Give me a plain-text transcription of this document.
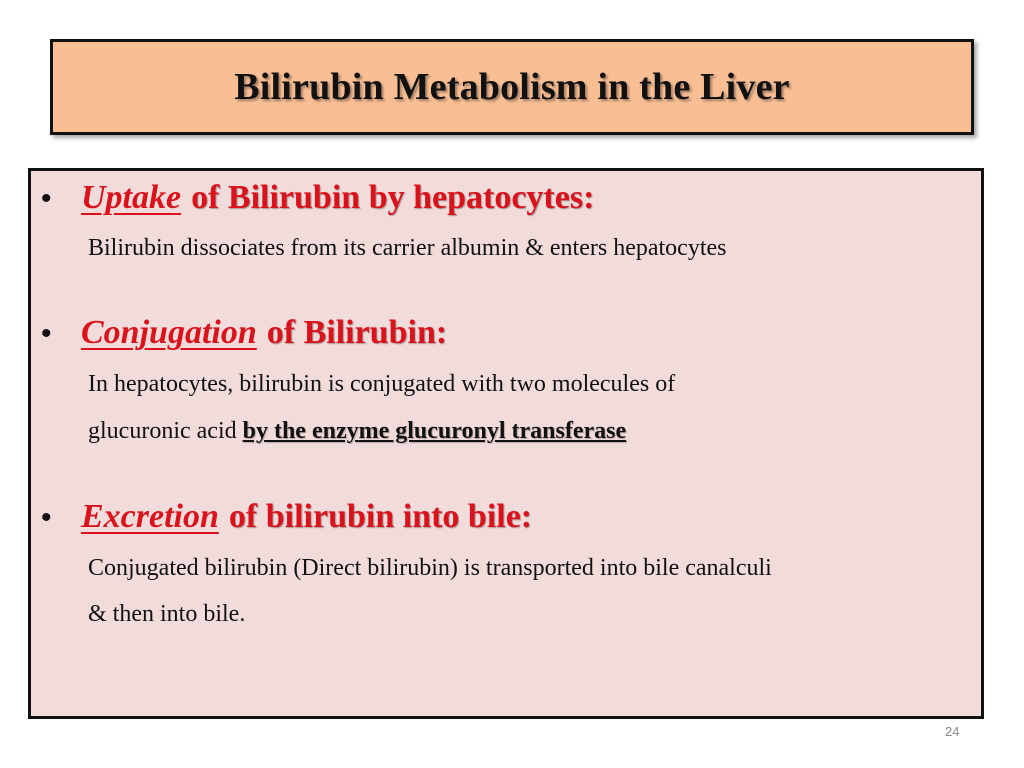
Bilirubin Metabolism in the Liver
• Uptake of Bilirubin by hepatocytes:
Bilirubin dissociates from its carrier albumin & enters hepatocytes
• Conjugation of Bilirubin:
In hepatocytes, bilirubin is conjugated with two molecules of
glucuronic acid by the enzyme glucuronyl transferase
• Excretion of bilirubin into bile:
Conjugated bilirubin (Direct bilirubin) is transported into bile canalculi
& then into bile.
24
